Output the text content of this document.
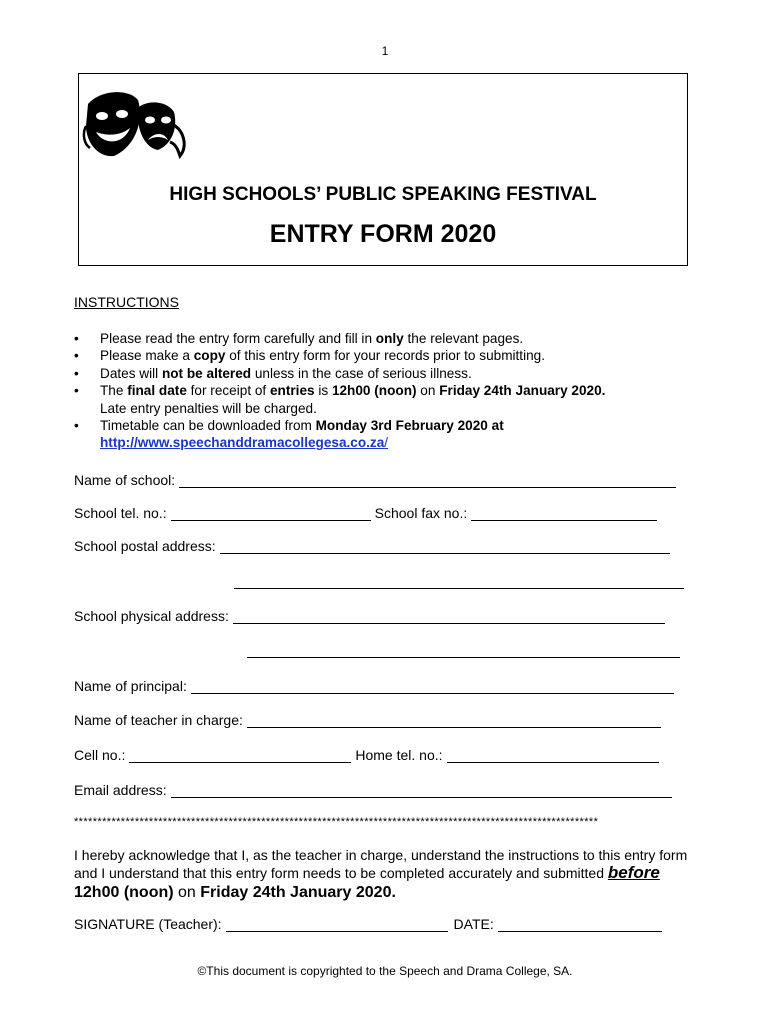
1
HIGH SCHOOLS’ PUBLIC SPEAKING FESTIVAL
ENTRY FORM 2020
INSTRUCTIONS
•	Please read the entry form carefully and fill in only the relevant pages.
•	Please make a copy of this entry form for your records prior to submitting.
•	Dates will not be altered unless in the case of serious illness.
•	The final date for receipt of entries is 12h00 (noon) on Friday 24th January 2020.
Late entry penalties will be charged.
•	Timetable can be downloaded from Monday 3rd February 2020 at
http://www.speechanddramacollegesa.co.za/
Name of school:
School tel. no.:	School fax no.:
School postal address:
School physical address:
Name of principal:
Name of teacher in charge:
Cell no.:	Home tel. no.:
Email address:
****************************************************************************************************************
I hereby acknowledge that I, as the teacher in charge, understand the instructions to this entry form and I understand that this entry form needs to be completed accurately and submitted before 12h00 (noon) on Friday 24th January 2020.
SIGNATURE (Teacher):	DATE:
©This document is copyrighted to the Speech and Drama College, SA.
